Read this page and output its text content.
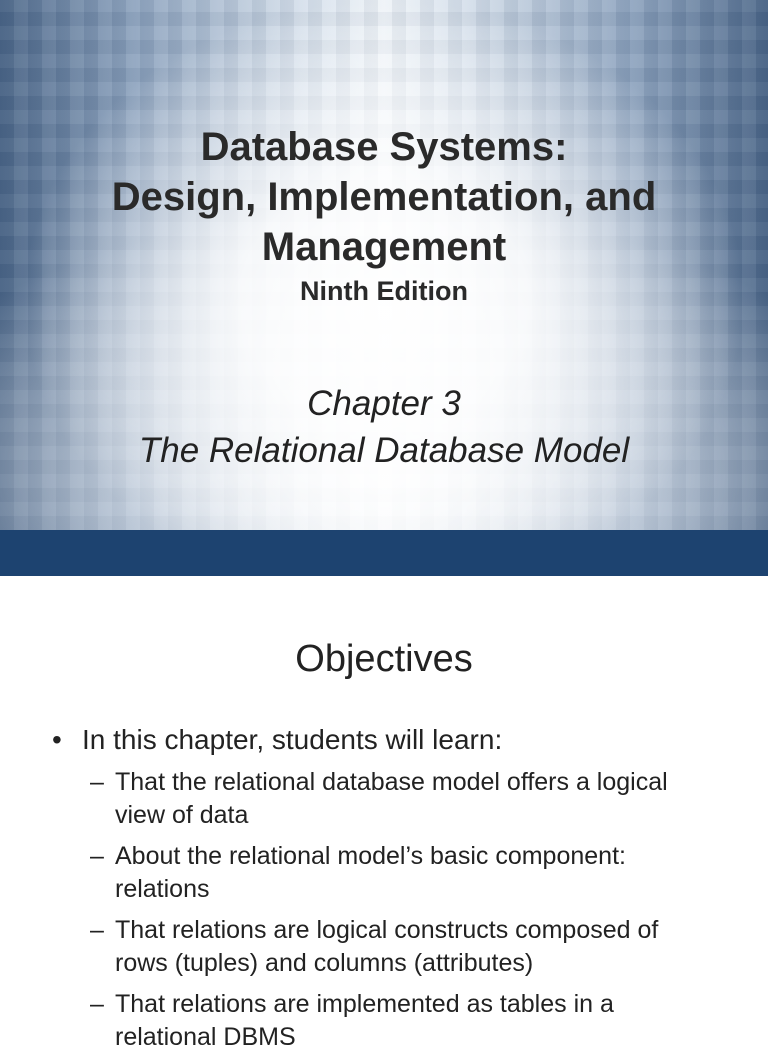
Database Systems:
Design, Implementation, and
Management
Ninth Edition
Chapter 3
The Relational Database Model
Objectives
• In this chapter, students will learn:
– That the relational database model offers a logical view of data
– About the relational model’s basic component: relations
– That relations are logical constructs composed of rows (tuples) and columns (attributes)
– That relations are implemented as tables in a relational DBMS
